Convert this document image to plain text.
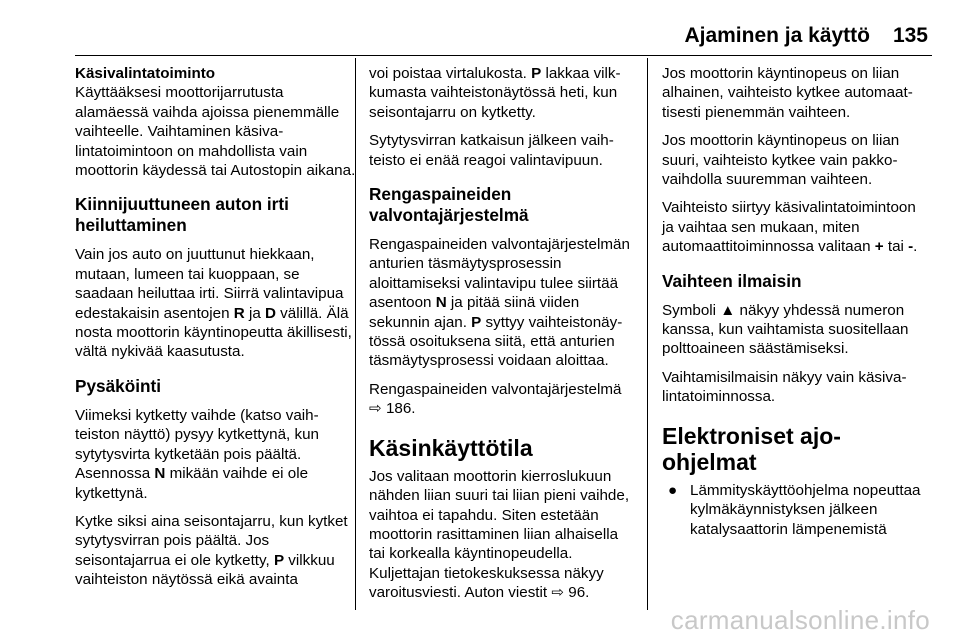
Ajaminen ja käyttö 135

Käsivalintatoiminto

Käyttääksesi moottorijarrutusta alamäessä vaihda ajoissa pienemmälle vaihteelle. Vaihtaminen käsivalintatoimintoon on mahdollista vain moottorin käydessä tai Autostopin aikana.

Kiinnijuuttuneen auton irti heiluttaminen

Vain jos auto on juuttunut hiekkaan, mutaan, lumeen tai kuoppaan, se saadaan heiluttaa irti. Siirrä valintavipua edestakaisin asentojen R ja D välillä. Älä nosta moottorin käyntinopeutta äkillisesti, vältä nykivää kaasutusta.

Pysäköinti

Viimeksi kytketty vaihde (katso vaihteiston näyttö) pysyy kytkettynä, kun sytytysvirta kytketään pois päältä. Asennossa N mikään vaihde ei ole kytkettynä.

Kytke siksi aina seisontajarru, kun kytket sytytysvirran pois päältä. Jos seisontajarrua ei ole kytketty, P vilkkuu vaihteiston näytössä eikä avainta

voi poistaa virtalukosta. P lakkaa vilkkumasta vaihteistonäytössä heti, kun seisontajarru on kytketty.

Sytytysvirran katkaisun jälkeen vaihteisto ei enää reagoi valintavipuun.

Rengaspaineiden valvontajärjestelmä

Rengaspaineiden valvontajärjestelmän anturien täsmäytysprosessin aloittamiseksi valintavipu tulee siirtää asentoon N ja pitää siinä viiden sekunnin ajan. P syttyy vaihteistonäytössä osoituksena siitä, että anturien täsmäytysprosessi voidaan aloittaa.

Rengaspaineiden valvontajärjestelmä ⇨ 186.

Käsinkäyttötila

Jos valitaan moottorin kierroslukuun nähden liian suuri tai liian pieni vaihde, vaihtoa ei tapahdu. Siten estetään moottorin rasittaminen liian alhaisella tai korkealla käyntinopeudella. Kuljettajan tietokeskuksessa näkyy varoitusviesti. Auton viestit ⇨ 96.

Jos moottorin käyntinopeus on liian alhainen, vaihteisto kytkee automaattisesti pienemmän vaihteen.

Jos moottorin käyntinopeus on liian suuri, vaihteisto kytkee vain pakkovaihdolla suuremman vaihteen.

Vaihteisto siirtyy käsivalintatoimintoon ja vaihtaa sen mukaan, miten automaattitoiminnossa valitaan + tai -.

Vaihteen ilmaisin

Symboli ▲ näkyy yhdessä numeron kanssa, kun vaihtamista suositellaan polttoaineen säästämiseksi.

Vaihtamisilmaisin näkyy vain käsivalintatoiminnossa.

Elektroniset ajo-ohjelmat
● Lämmityskäyttöohjelma nopeuttaa kylmäkäynnistyksen jälkeen katalysaattorin lämpenemistä
carmanualsonline.info
